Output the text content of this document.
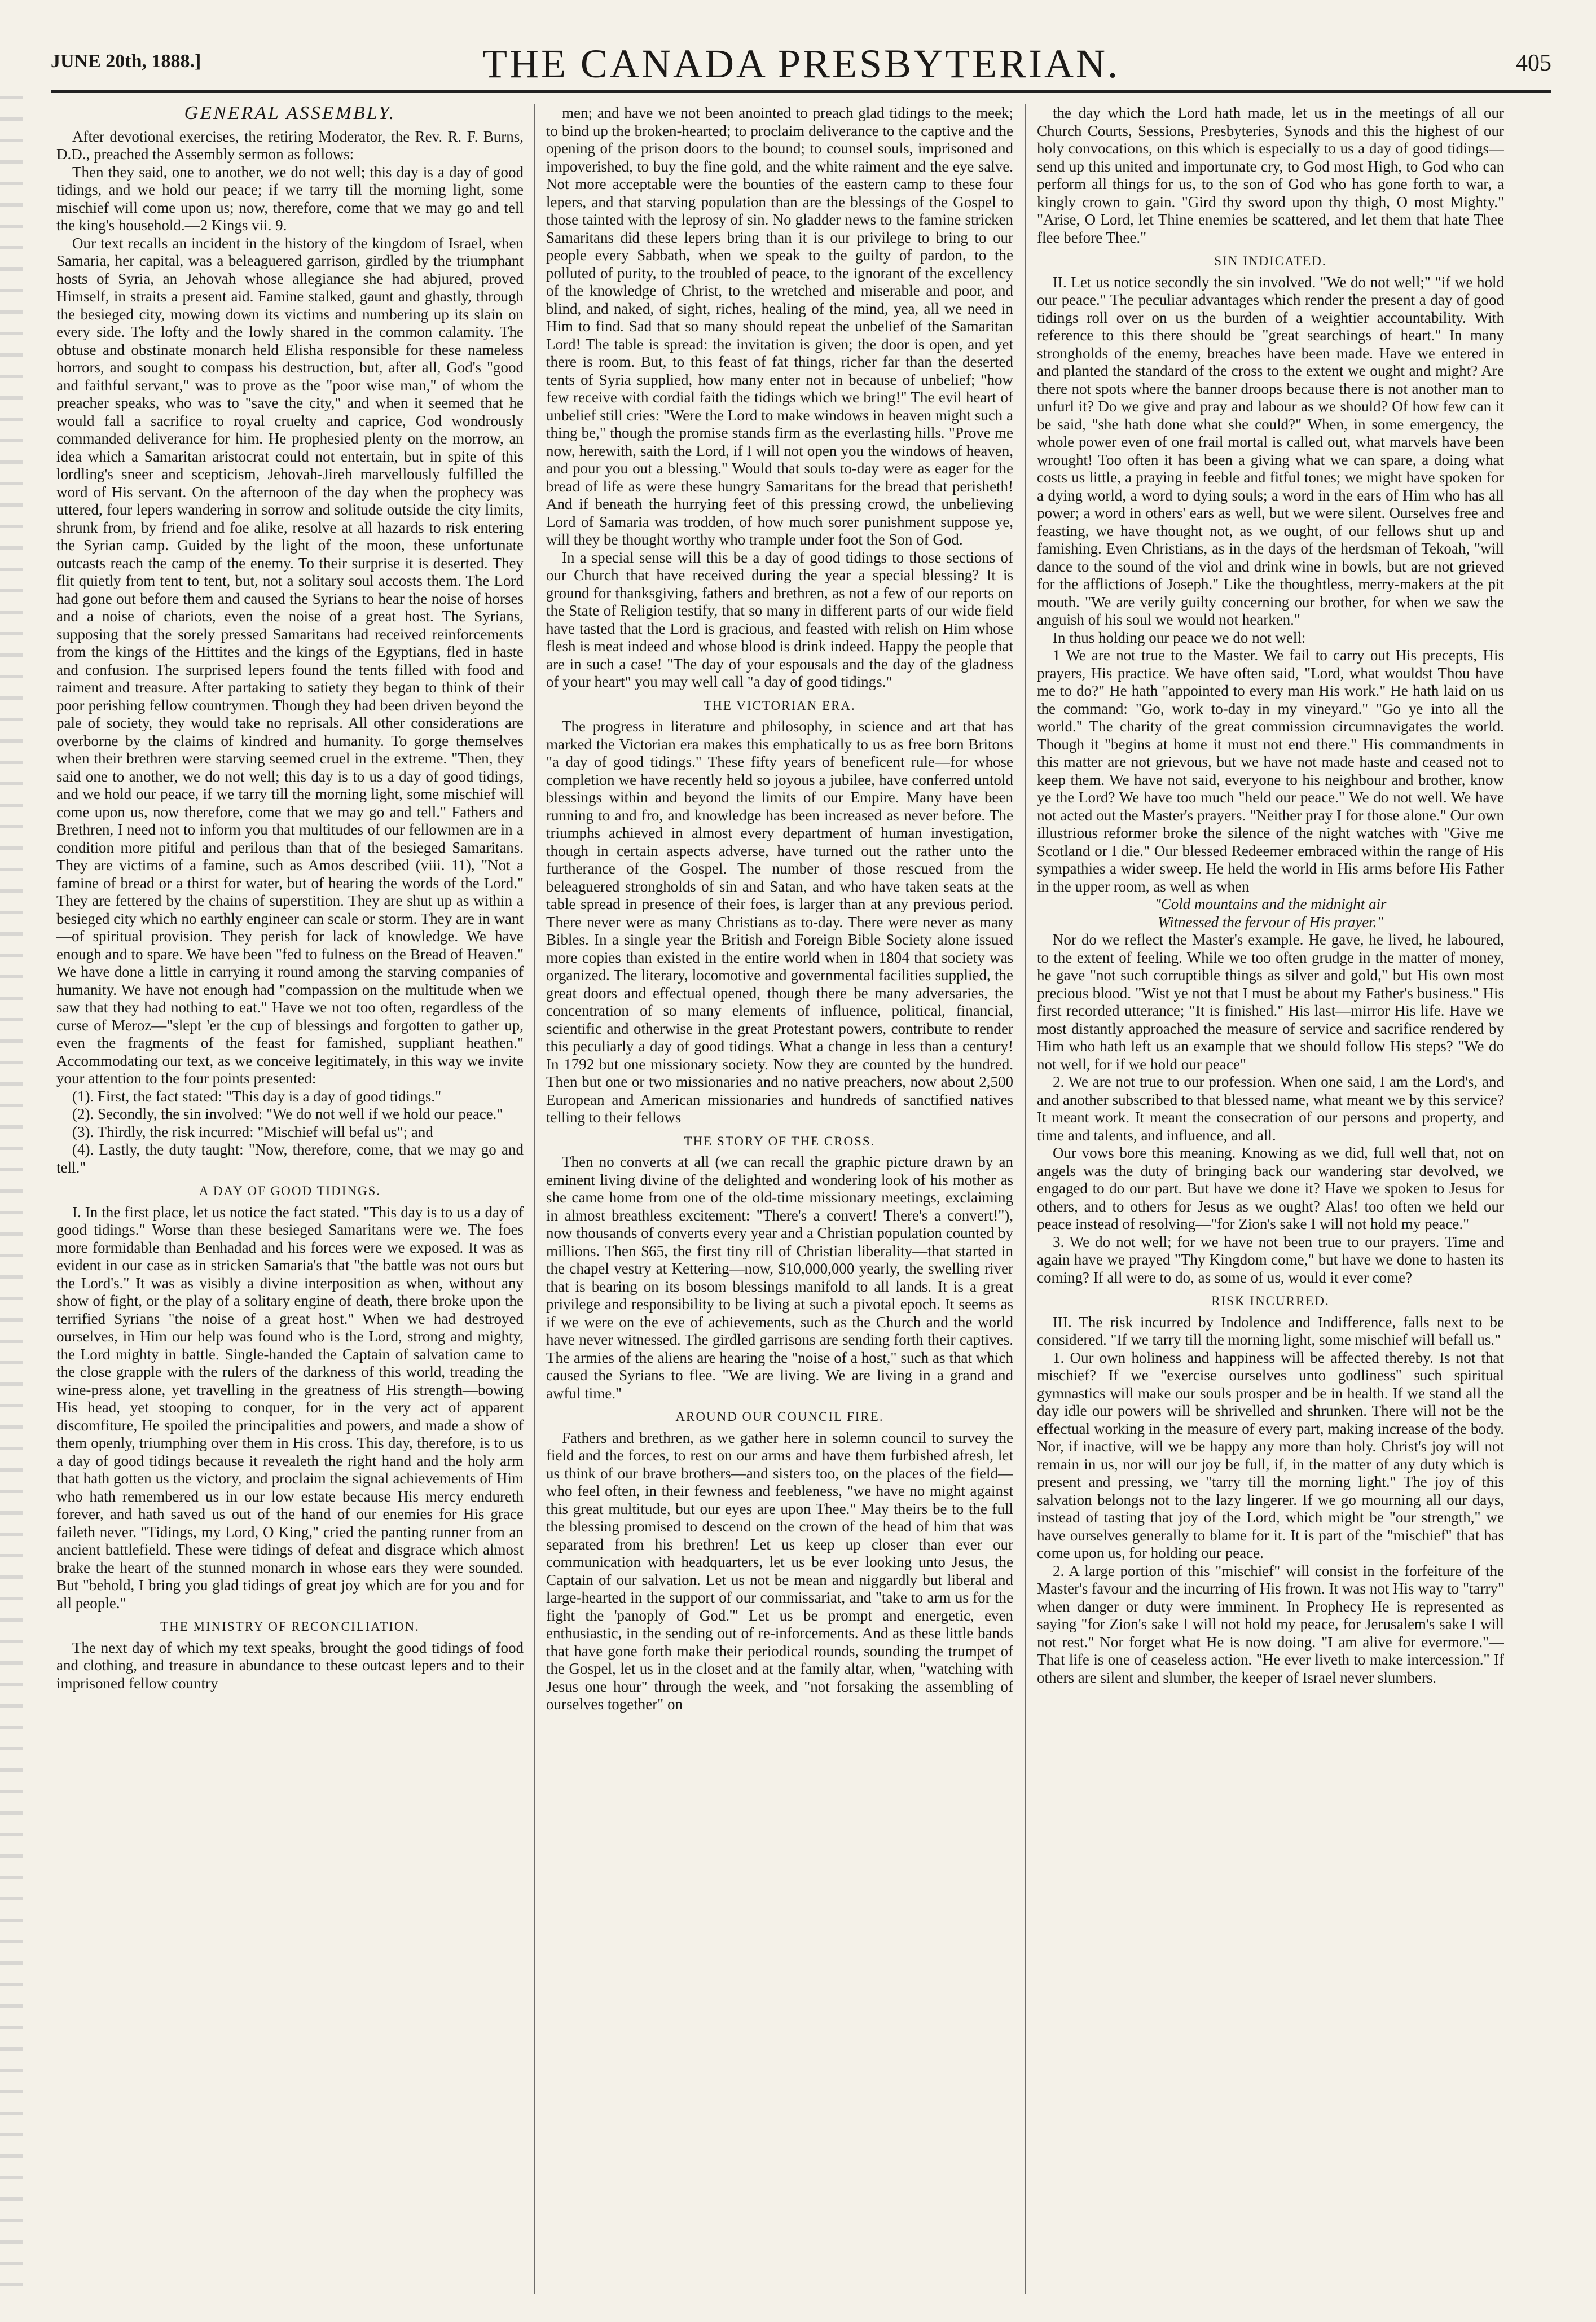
JUNE 20th, 1888.]	THE CANADA PRESBYTERIAN.	405
GENERAL ASSEMBLY.

After devotional exercises, the retiring Moderator, the Rev. R. F. Burns, D.D., preached the Assembly sermon as follows:

Then they said, one to another, we do not well; this day is a day of good tidings, and we hold our peace; if we tarry till the morning light, some mischief will come upon us; now, therefore, come that we may go and tell the king's household.—2 Kings vii. 9.

Our text recalls an incident in the history of the kingdom of Israel, when Samaria, her capital, was a beleaguered garrison, girdled by the triumphant hosts of Syria, an Jehovah whose allegiance she had abjured, proved Himself, in straits a present aid. Famine stalked, gaunt and ghastly, through the besieged city, mowing down its victims and numbering up its slain on every side. The lofty and the lowly shared in the common calamity. The obtuse and obstinate monarch held Elisha responsible for these nameless horrors, and sought to compass his destruction, but, after all, God's "good and faithful servant," was to prove as the "poor wise man," of whom the preacher speaks, who was to "save the city," and when it seemed that he would fall a sacrifice to royal cruelty and caprice, God wondrously commanded deliverance for him. He prophesied plenty on the morrow, an idea which a Samaritan aristocrat could not entertain, but in spite of this lordling's sneer and scepticism, Jehovah-Jireh marvellously fulfilled the word of His servant. On the afternoon of the day when the prophecy was uttered, four lepers wandering in sorrow and solitude outside the city limits, shrunk from, by friend and foe alike, resolve at all hazards to risk entering the Syrian camp. Guided by the light of the moon, these unfortunate outcasts reach the camp of the enemy. To their surprise it is deserted. They flit quietly from tent to tent, but, not a solitary soul accosts them. The Lord had gone out before them and caused the Syrians to hear the noise of horses and a noise of chariots, even the noise of a great host. The Syrians, supposing that the sorely pressed Samaritans had received reinforcements from the kings of the Hittites and the kings of the Egyptians, fled in haste and confusion. The surprised lepers found the tents filled with food and raiment and treasure. After partaking to satiety they began to think of their poor perishing fellow countrymen. Though they had been driven beyond the pale of society, they would take no reprisals. All other considerations are overborne by the claims of kindred and humanity. To gorge themselves when their brethren were starving seemed cruel in the extreme. "Then, they said one to another, we do not well; this day is to us a day of good tidings, and we hold our peace, if we tarry till the morning light, some mischief will come upon us, now therefore, come that we may go and tell." Fathers and Brethren, I need not to inform you that multitudes of our fellowmen are in a condition more pitiful and perilous than that of the besieged Samaritans. They are victims of a famine, such as Amos described (viii. 11), "Not a famine of bread or a thirst for water, but of hearing the words of the Lord." They are fettered by the chains of superstition. They are shut up as within a besieged city which no earthly engineer can scale or storm. They are in want—of spiritual provision. They perish for lack of knowledge. We have enough and to spare. We have been "fed to fulness on the Bread of Heaven." We have done a little in carrying it round among the starving companies of humanity. We have not enough had "compassion on the multitude when we saw that they had nothing to eat." Have we not too often, regardless of the curse of Meroz—"slept 'er the cup of blessings and forgotten to gather up, even the fragments of the feast for famished, suppliant heathen." Accommodating our text, as we conceive legitimately, in this way we invite your attention to the four points presented:

(1). First, the fact stated: "This day is a day of good tidings."

(2). Secondly, the sin involved: "We do not well if we hold our peace."

(3). Thirdly, the risk incurred: "Mischief will befal us"; and

(4). Lastly, the duty taught: "Now, therefore, come, that we may go and tell."

A DAY OF GOOD TIDINGS.

I. In the first place, let us notice the fact stated. "This day is to us a day of good tidings." Worse than these besieged Samaritans were we. The foes more formidable than Benhadad and his forces were we exposed. It was as evident in our case as in stricken Samaria's that "the battle was not ours but the Lord's." It was as visibly a divine interposition as when, without any show of fight, or the play of a solitary engine of death, there broke upon the terrified Syrians "the noise of a great host." When we had destroyed ourselves, in Him our help was found who is the Lord, strong and mighty, the Lord mighty in battle. Single-handed the Captain of salvation came to the close grapple with the rulers of the darkness of this world, treading the wine-press alone, yet travelling in the greatness of His strength—bowing His head, yet stooping to conquer, for in the very act of apparent discomfiture, He spoiled the principalities and powers, and made a show of them openly, triumphing over them in His cross. This day, therefore, is to us a day of good tidings because it revealeth the right hand and the holy arm that hath gotten us the victory, and proclaim the signal achievements of Him who hath remembered us in our low estate because His mercy endureth forever, and hath saved us out of the hand of our enemies for His grace faileth never. "Tidings, my Lord, O King," cried the panting runner from an ancient battlefield. These were tidings of defeat and disgrace which almost brake the heart of the stunned monarch in whose ears they were sounded. But "behold, I bring you glad tidings of great joy which are for you and for all people."

THE MINISTRY OF RECONCILIATION.

The next day of which my text speaks, brought the good tidings of food and clothing, and treasure in abundance to these outcast lepers and to their imprisoned fellow country

men; and have we not been anointed to preach glad tidings to the meek; to bind up the broken-hearted; to proclaim deliverance to the captive and the opening of the prison doors to the bound; to counsel souls, imprisoned and impoverished, to buy the fine gold, and the white raiment and the eye salve. Not more acceptable were the bounties of the eastern camp to these four lepers, and that starving population than are the blessings of the Gospel to those tainted with the leprosy of sin. No gladder news to the famine stricken Samaritans did these lepers bring than it is our privilege to bring to our people every Sabbath, when we speak to the guilty of pardon, to the polluted of purity, to the troubled of peace, to the ignorant of the excellency of the knowledge of Christ, to the wretched and miserable and poor, and blind, and naked, of sight, riches, healing of the mind, yea, all we need in Him to find. Sad that so many should repeat the unbelief of the Samaritan Lord! The table is spread: the invitation is given; the door is open, and yet there is room. But, to this feast of fat things, richer far than the deserted tents of Syria supplied, how many enter not in because of unbelief; "how few receive with cordial faith the tidings which we bring!" The evil heart of unbelief still cries: "Were the Lord to make windows in heaven might such a thing be," though the promise stands firm as the everlasting hills. "Prove me now, herewith, saith the Lord, if I will not open you the windows of heaven, and pour you out a blessing." Would that souls to-day were as eager for the bread of life as were these hungry Samaritans for the bread that perisheth! And if beneath the hurrying feet of this pressing crowd, the unbelieving Lord of Samaria was trodden, of how much sorer punishment suppose ye, will they be thought worthy who trample under foot the Son of God.

In a special sense will this be a day of good tidings to those sections of our Church that have received during the year a special blessing? It is ground for thanksgiving, fathers and brethren, as not a few of our reports on the State of Religion testify, that so many in different parts of our wide field have tasted that the Lord is gracious, and feasted with relish on Him whose flesh is meat indeed and whose blood is drink indeed. Happy the people that are in such a case! "The day of your espousals and the day of the gladness of your heart" you may well call "a day of good tidings."

THE VICTORIAN ERA.

The progress in literature and philosophy, in science and art that has marked the Victorian era makes this emphatically to us as free born Britons "a day of good tidings." These fifty years of beneficent rule—for whose completion we have recently held so joyous a jubilee, have conferred untold blessings within and beyond the limits of our Empire. Many have been running to and fro, and knowledge has been increased as never before. The triumphs achieved in almost every department of human investigation, though in certain aspects adverse, have turned out the rather unto the furtherance of the Gospel. The number of those rescued from the beleaguered strongholds of sin and Satan, and who have taken seats at the table spread in presence of their foes, is larger than at any previous period. There never were as many Christians as to-day. There were never as many Bibles. In a single year the British and Foreign Bible Society alone issued more copies than existed in the entire world when in 1804 that society was organized. The literary, locomotive and governmental facilities supplied, the great doors and effectual opened, though there be many adversaries, the concentration of so many elements of influence, political, financial, scientific and otherwise in the great Protestant powers, contribute to render this peculiarly a day of good tidings. What a change in less than a century! In 1792 but one missionary society. Now they are counted by the hundred. Then but one or two missionaries and no native preachers, now about 2,500 European and American missionaries and hundreds of sanctified natives telling to their fellows

THE STORY OF THE CROSS.

Then no converts at all (we can recall the graphic picture drawn by an eminent living divine of the delighted and wondering look of his mother as she came home from one of the old-time missionary meetings, exclaiming in almost breathless excitement: "There's a convert! There's a convert!"), now thousands of converts every year and a Christian population counted by millions. Then $65, the first tiny rill of Christian liberality—that started in the chapel vestry at Kettering—now, $10,000,000 yearly, the swelling river that is bearing on its bosom blessings manifold to all lands. It is a great privilege and responsibility to be living at such a pivotal epoch. It seems as if we were on the eve of achievements, such as the Church and the world have never witnessed. The girdled garrisons are sending forth their captives. The armies of the aliens are hearing the "noise of a host," such as that which caused the Syrians to flee. "We are living. We are living in a grand and awful time."

AROUND OUR COUNCIL FIRE.

Fathers and brethren, as we gather here in solemn council to survey the field and the forces, to rest on our arms and have them furbished afresh, let us think of our brave brothers—and sisters too, on the places of the field—who feel often, in their fewness and feebleness, "we have no might against this great multitude, but our eyes are upon Thee." May theirs be to the full the blessing promised to descend on the crown of the head of him that was separated from his brethren! Let us keep up closer than ever our communication with headquarters, let us be ever looking unto Jesus, the Captain of our salvation. Let us not be mean and niggardly but liberal and large-hearted in the support of our commissariat, and "take to arm us for the fight the 'panoply of God.'" Let us be prompt and energetic, even enthusiastic, in the sending out of re-inforcements. And as these little bands that have gone forth make their periodical rounds, sounding the trumpet of the Gospel, let us in the closet and at the family altar, when, "watching with Jesus one hour" through the week, and "not forsaking the assembling of ourselves together" on

the day which the Lord hath made, let us in the meetings of all our Church Courts, Sessions, Presbyteries, Synods and this the highest of our holy convocations, on this which is especially to us a day of good tidings—send up this united and importunate cry, to God most High, to God who can perform all things for us, to the son of God who has gone forth to war, a kingly crown to gain. "Gird thy sword upon thy thigh, O most Mighty." "Arise, O Lord, let Thine enemies be scattered, and let them that hate Thee flee before Thee."

SIN INDICATED.

II. Let us notice secondly the sin involved. "We do not well;" "if we hold our peace." The peculiar advantages which render the present a day of good tidings roll over on us the burden of a weightier accountability. With reference to this there should be "great searchings of heart." In many strongholds of the enemy, breaches have been made. Have we entered in and planted the standard of the cross to the extent we ought and might? Are there not spots where the banner droops because there is not another man to unfurl it? Do we give and pray and labour as we should? Of how few can it be said, "she hath done what she could?" When, in some emergency, the whole power even of one frail mortal is called out, what marvels have been wrought! Too often it has been a giving what we can spare, a doing what costs us little, a praying in feeble and fitful tones; we might have spoken for a dying world, a word to dying souls; a word in the ears of Him who has all power; a word in others' ears as well, but we were silent. Ourselves free and feasting, we have thought not, as we ought, of our fellows shut up and famishing. Even Christians, as in the days of the herdsman of Tekoah, "will dance to the sound of the viol and drink wine in bowls, but are not grieved for the afflictions of Joseph." Like the thoughtless, merry-makers at the pit mouth. "We are verily guilty concerning our brother, for when we saw the anguish of his soul we would not hearken."

In thus holding our peace we do not well:

1 We are not true to the Master. We fail to carry out His precepts, His prayers, His practice. We have often said, "Lord, what wouldst Thou have me to do?" He hath "appointed to every man His work." He hath laid on us the command: "Go, work to-day in my vineyard." "Go ye into all the world." The charity of the great commission circumnavigates the world. Though it "begins at home it must not end there." His commandments in this matter are not grievous, but we have not made haste and ceased not to keep them. We have not said, everyone to his neighbour and brother, know ye the Lord? We have too much "held our peace." We do not well. We have not acted out the Master's prayers. "Neither pray I for those alone." Our own illustrious reformer broke the silence of the night watches with "Give me Scotland or I die." Our blessed Redeemer embraced within the range of His sympathies a wider sweep. He held the world in His arms before His Father in the upper room, as well as when

"Cold mountains and the midnight air

Witnessed the fervour of His prayer."

Nor do we reflect the Master's example. He gave, he lived, he laboured, to the extent of feeling. While we too often grudge in the matter of money, he gave "not such corruptible things as silver and gold," but His own most precious blood. "Wist ye not that I must be about my Father's business." His first recorded utterance; "It is finished." His last—mirror His life. Have we most distantly approached the measure of service and sacrifice rendered by Him who hath left us an example that we should follow His steps? "We do not well, for if we hold our peace"

2. We are not true to our profession. When one said, I am the Lord's, and and another subscribed to that blessed name, what meant we by this service? It meant work. It meant the consecration of our persons and property, and time and talents, and influence, and all.

Our vows bore this meaning. Knowing as we did, full well that, not on angels was the duty of bringing back our wandering star devolved, we engaged to do our part. But have we done it? Have we spoken to Jesus for others, and to others for Jesus as we ought? Alas! too often we held our peace instead of resolving—"for Zion's sake I will not hold my peace."

3. We do not well; for we have not been true to our prayers. Time and again have we prayed "Thy Kingdom come," but have we done to hasten its coming? If all were to do, as some of us, would it ever come?

RISK INCURRED.

III. The risk incurred by Indolence and Indifference, falls next to be considered. "If we tarry till the morning light, some mischief will befall us."

1. Our own holiness and happiness will be affected thereby. Is not that mischief? If we "exercise ourselves unto godliness" such spiritual gymnastics will make our souls prosper and be in health. If we stand all the day idle our powers will be shrivelled and shrunken. There will not be the effectual working in the measure of every part, making increase of the body. Nor, if inactive, will we be happy any more than holy. Christ's joy will not remain in us, nor will our joy be full, if, in the matter of any duty which is present and pressing, we "tarry till the morning light." The joy of this salvation belongs not to the lazy lingerer. If we go mourning all our days, instead of tasting that joy of the Lord, which might be "our strength," we have ourselves generally to blame for it. It is part of the "mischief" that has come upon us, for holding our peace.

2. A large portion of this "mischief" will consist in the forfeiture of the Master's favour and the incurring of His frown. It was not His way to "tarry" when danger or duty were imminent. In Prophecy He is represented as saying "for Zion's sake I will not hold my peace, for Jerusalem's sake I will not rest." Nor forget what He is now doing. "I am alive for evermore."—That life is one of ceaseless action. "He ever liveth to make intercession." If others are silent and slumber, the keeper of Israel never slumbers.
